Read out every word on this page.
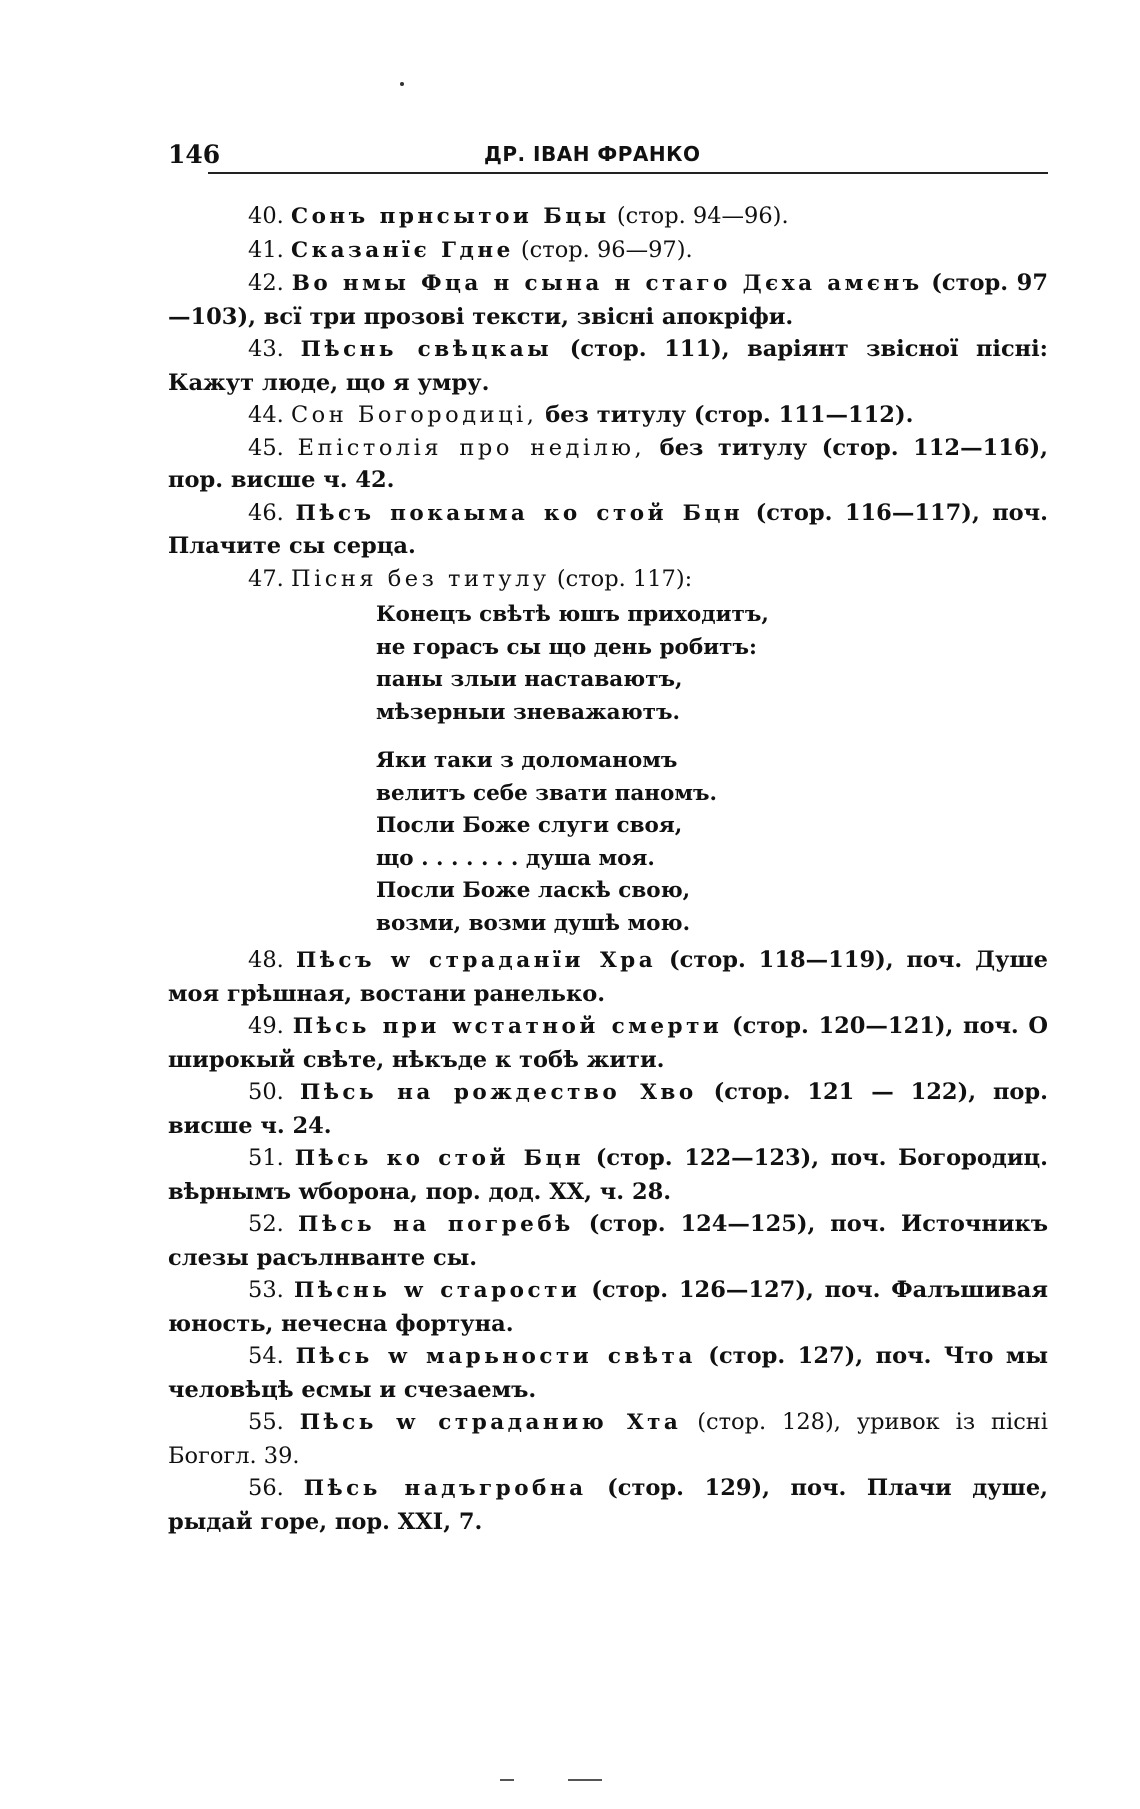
146	ДР. ІВАН ФРАНКО

40. Сонъ прнсытои Бцы (стор. 94—96).

41. Сказанїє Гдне (стор. 96—97).

42. Во нмы Фца н сына н стаго Дєха амєнъ (стор. 97—103), всї три прозові тексти, звісні апокріфи.

43. Пѣснь свѣцкаы (стор. 111), варіянт звісної пісні: Кажут люде, що я умру.

44. Сон Богородиці, без титулу (стор. 111—112).

45. Епістолія про неділю, без титулу (стор. 112—116), пор. висше ч. 42.

46. Пѣсъ покаыма ко стой Бцн (стор. 116—117), поч. Плачите сы серца.

47. Пісня без титулу (стор. 117):

Конецъ свѣтѣ юшъ приходитъ,
не горасъ сы що день робитъ:
паны злыи наставаютъ,
мѣзерныи зневажаютъ.
Яки таки з доломаномъ
велитъ себе звати паномъ.
Посли Боже слуги своя,
що . . . . . . . душа моя.
Посли Боже ласкѣ свою,
возми, возми душѣ мою.

48. Пѣсъ w страданїи Хрa (стор. 118—119), поч. Душе моя грѣшная, востани ранелько.

49. Пѣсь при wстатной смерти (стор. 120—121), поч. О широкый свѣте, нѣкъде к тобѣ жити.

50. Пѣсь на рождество Хво (стор. 121 — 122), пор. висше ч. 24.

51. Пѣсь ко стой Бцн (стор. 122—123), поч. Богородиц. вѣрнымъ wборона, пор. дод. XX, ч. 28.

52. Пѣсь на погребѣ (стор. 124—125), поч. Источникъ слезы расълнванте сы.

53. Пѣснь w старости (стор. 126—127), поч. Фалъшивая юность, нечесна фортуна.

54. Пѣсь w марьности свѣта (стор. 127), поч. Что мы человѣцѣ есмы и счезаемъ.

55. Пѣсь w страданию Хта (стор. 128), уривок із пісні Богогл. 39.

56. Пѣсь надъгробна (стор. 129), поч. Плачи душе, рыдай горе, пор. XXI, 7.
